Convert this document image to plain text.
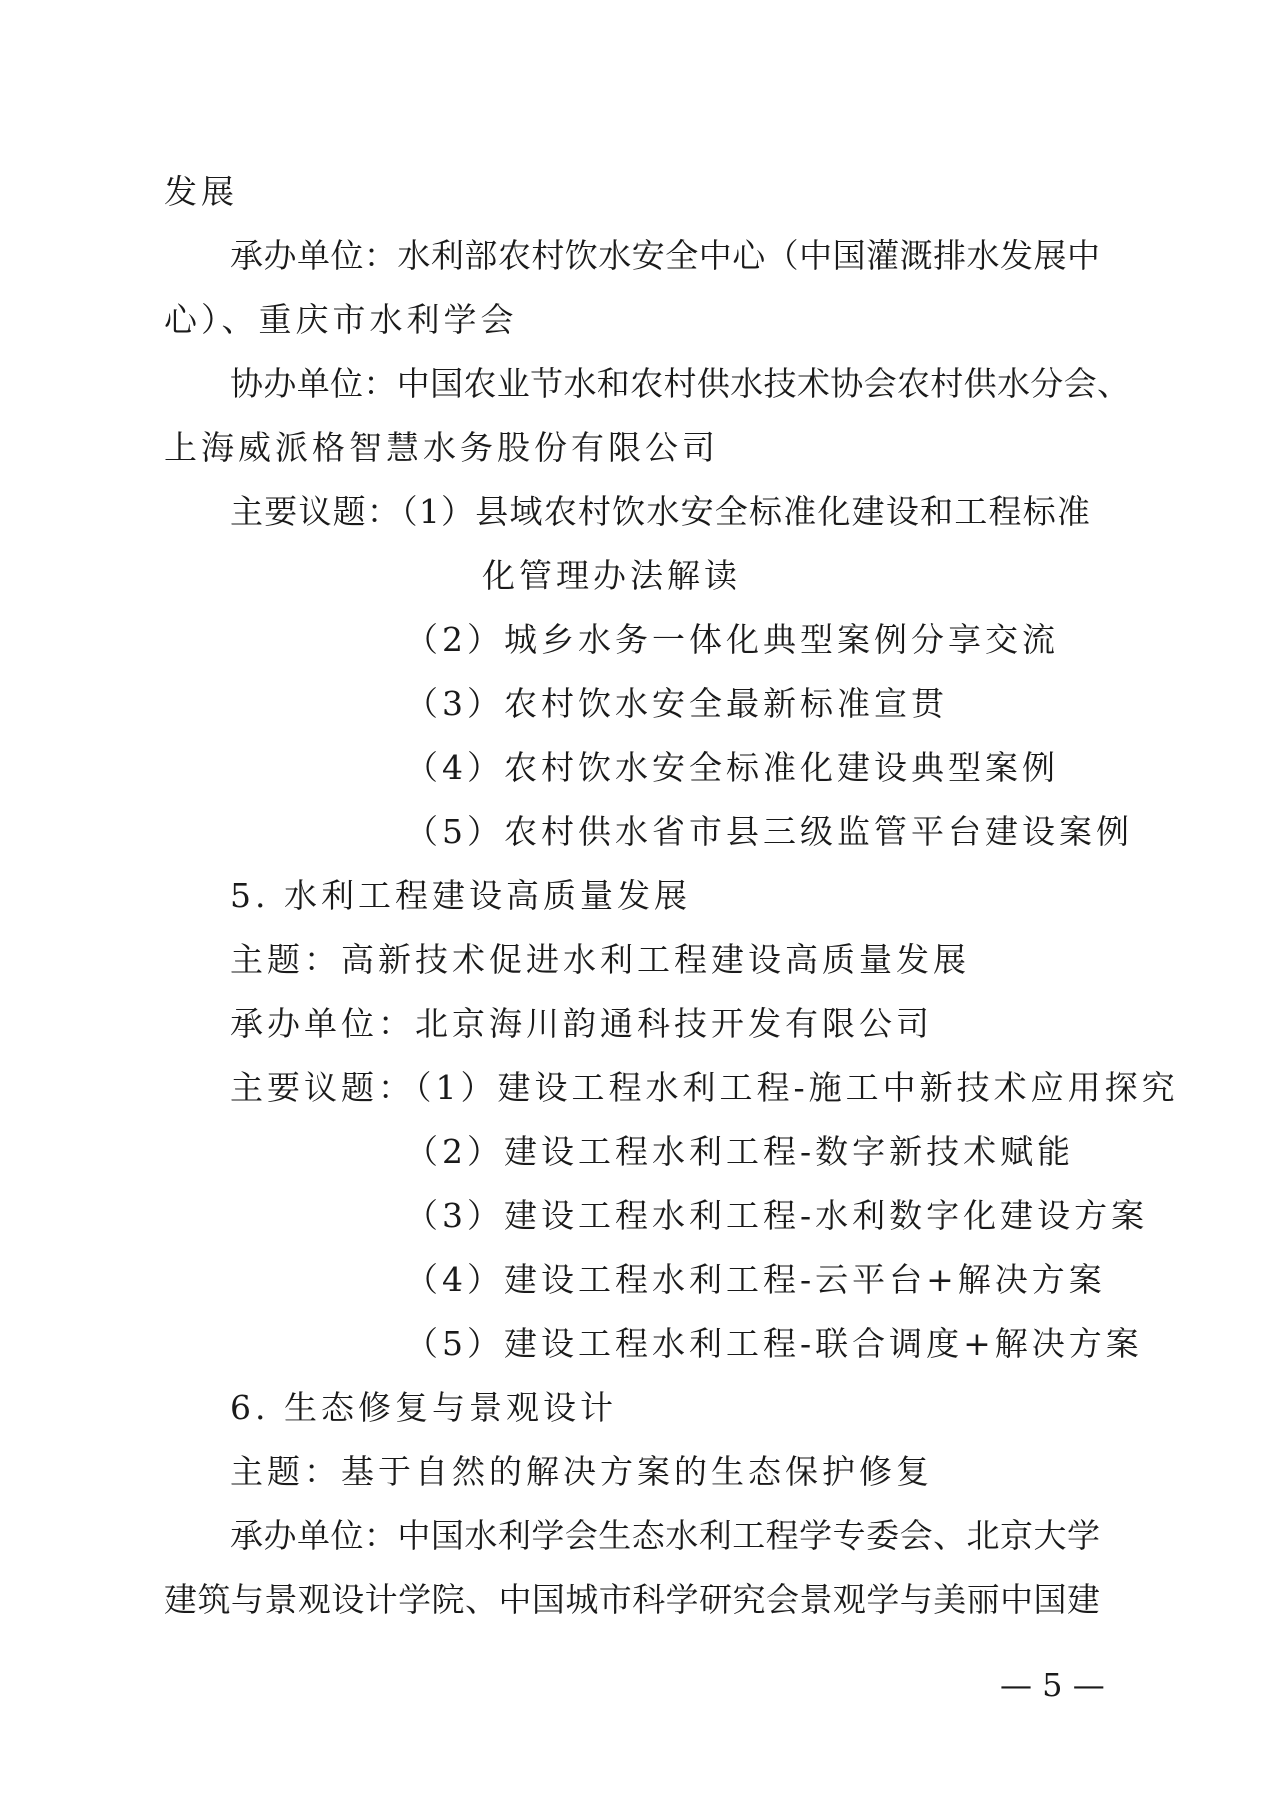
发展
承办单位：水利部农村饮水安全中心（中国灌溉排水发展中
心）、重庆市水利学会
协办单位：中国农业节水和农村供水技术协会农村供水分会、
上海威派格智慧水务股份有限公司
主要议题：（1）县域农村饮水安全标准化建设和工程标准
化管理办法解读
（2）城乡水务一体化典型案例分享交流
（3）农村饮水安全最新标准宣贯
（4）农村饮水安全标准化建设典型案例
（5）农村供水省市县三级监管平台建设案例
5. 水利工程建设高质量发展
主题：高新技术促进水利工程建设高质量发展
承办单位：北京海川韵通科技开发有限公司
主要议题：（1）建设工程水利工程-施工中新技术应用探究
（2）建设工程水利工程-数字新技术赋能
（3）建设工程水利工程-水利数字化建设方案
（4）建设工程水利工程-云平台+解决方案
（5）建设工程水利工程-联合调度+解决方案
6. 生态修复与景观设计
主题：基于自然的解决方案的生态保护修复
承办单位：中国水利学会生态水利工程学专委会、北京大学
建筑与景观设计学院、中国城市科学研究会景观学与美丽中国建
— 5 —
